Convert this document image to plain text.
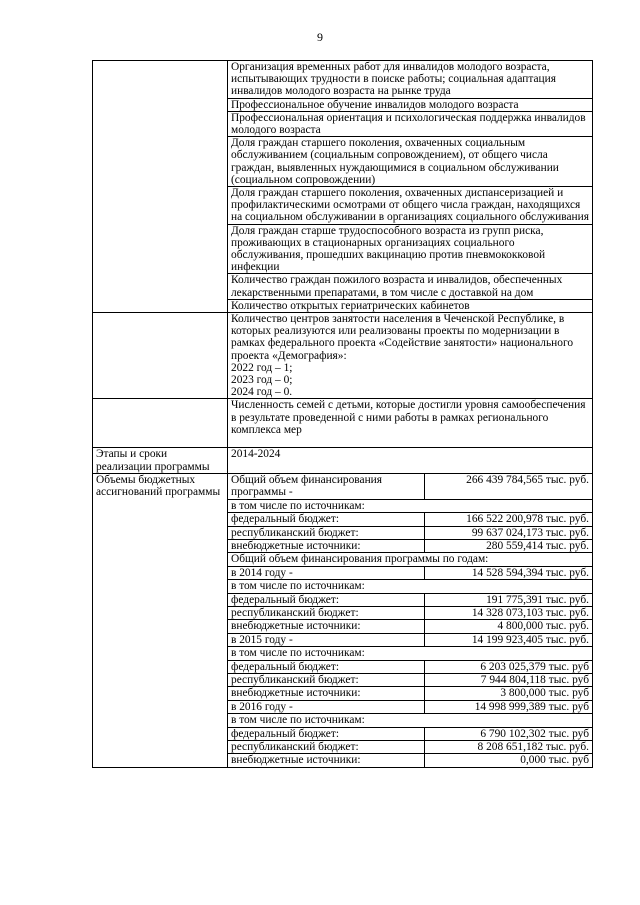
9

Организация временных работ для инвалидов молодого возраста, испытывающих трудности в поиске работы; социальная адаптация инвалидов молодого возраста на рынке труда
Профессиональное обучение инвалидов молодого возраста
Профессиональная ориентация и психологическая поддержка инвалидов молодого возраста
Доля граждан старшего поколения, охваченных социальным обслуживанием (социальным сопровождением), от общего числа граждан, выявленных нуждающимися в социальном обслуживании (социальном сопровождении)
Доля граждан старшего поколения, охваченных диспансеризацией и профилактическими осмотрами от общего числа граждан, находящихся на социальном обслуживании в организациях социального обслуживания
Доля граждан старше трудоспособного возраста из групп риска, проживающих в стационарных организациях социального обслуживания, прошедших вакцинацию против пневмококковой инфекции
Количество граждан пожилого возраста и инвалидов, обеспеченных лекарственными препаратами, в том числе с доставкой на дом
Количество открытых гериатрических кабинетов

Количество центров занятости населения в Чеченской Республике, в которых реализуются или реализованы проекты по модернизации в рамках федерального проекта «Содействие занятости» национального проекта «Демография»:
2022 год – 1;
2023 год – 0;
2024 год – 0.

	Численность семей с детьми, которые достигли уровня самообеспечения в результате проведенной с ними работы в рамках регионального комплекса мер
Этапы и сроки реализации программы	2014-2024
Объемы бюджетных ассигнований программы	
Общий объем финансирования программы -	266 439 784,565 тыс. руб.
в том числе по источникам:
федеральный бюджет:	166 522 200,978 тыс. руб.
республиканский бюджет:	99 637 024,173 тыс. руб.
внебюджетные источники:	280 559,414 тыс. руб.
Общий объем финансирования программы по годам:
в 2014 году -	14 528 594,394 тыс. руб.
в том числе по источникам:
федеральный бюджет:	191 775,391 тыс. руб.
республиканский бюджет:	14 328 073,103 тыс. руб.
внебюджетные источники:	4 800,000 тыс. руб.
в 2015 году -	14 199 923,405 тыс. руб.
в том числе по источникам:
федеральный бюджет:	6 203 025,379 тыс. руб
республиканский бюджет:	7 944 804,118 тыс. руб
внебюджетные источники:	3 800,000 тыс. руб
в 2016 году -	14 998 999,389 тыс. руб
в том числе по источникам:
федеральный бюджет:	6 790 102,302 тыс. руб
республиканский бюджет:	8 208 651,182 тыс. руб.
внебюджетные источники:	0,000 тыс. руб
